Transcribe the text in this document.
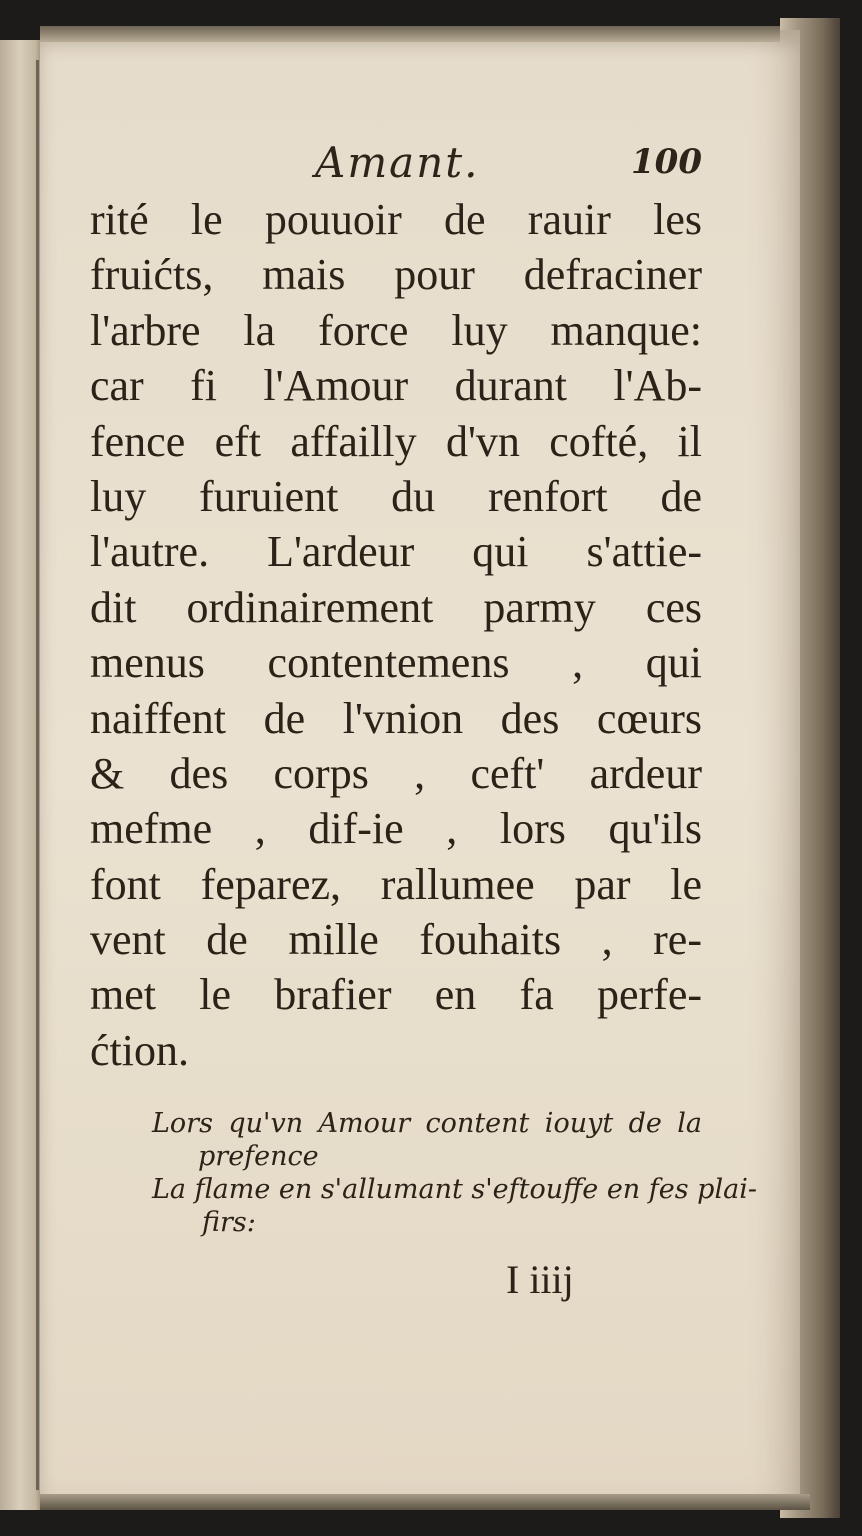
Amant.	100
rité le pouuoir de rauir les
fruićts, mais pour defraciner
l'arbre la force luy manque:
car fi l'Amour durant l'Ab-
fence eft affailly d'vn cofté, il
luy furuient du renfort de
l'autre. L'ardeur qui s'attie-
dit ordinairement parmy ces
menus contentemens , qui
naiffent de l'vnion des cœurs
& des corps , ceft' ardeur
mefme , dif-ie , lors qu'ils
font feparez, rallumee par le
vent de mille fouhaits , re-
met le brafier en fa perfe-
ćtion.
Lors qu'vn Amour content iouyt de la
prefence
La flame en s'allumant s'eftouffe en fes plai-
firs:
I iiij
